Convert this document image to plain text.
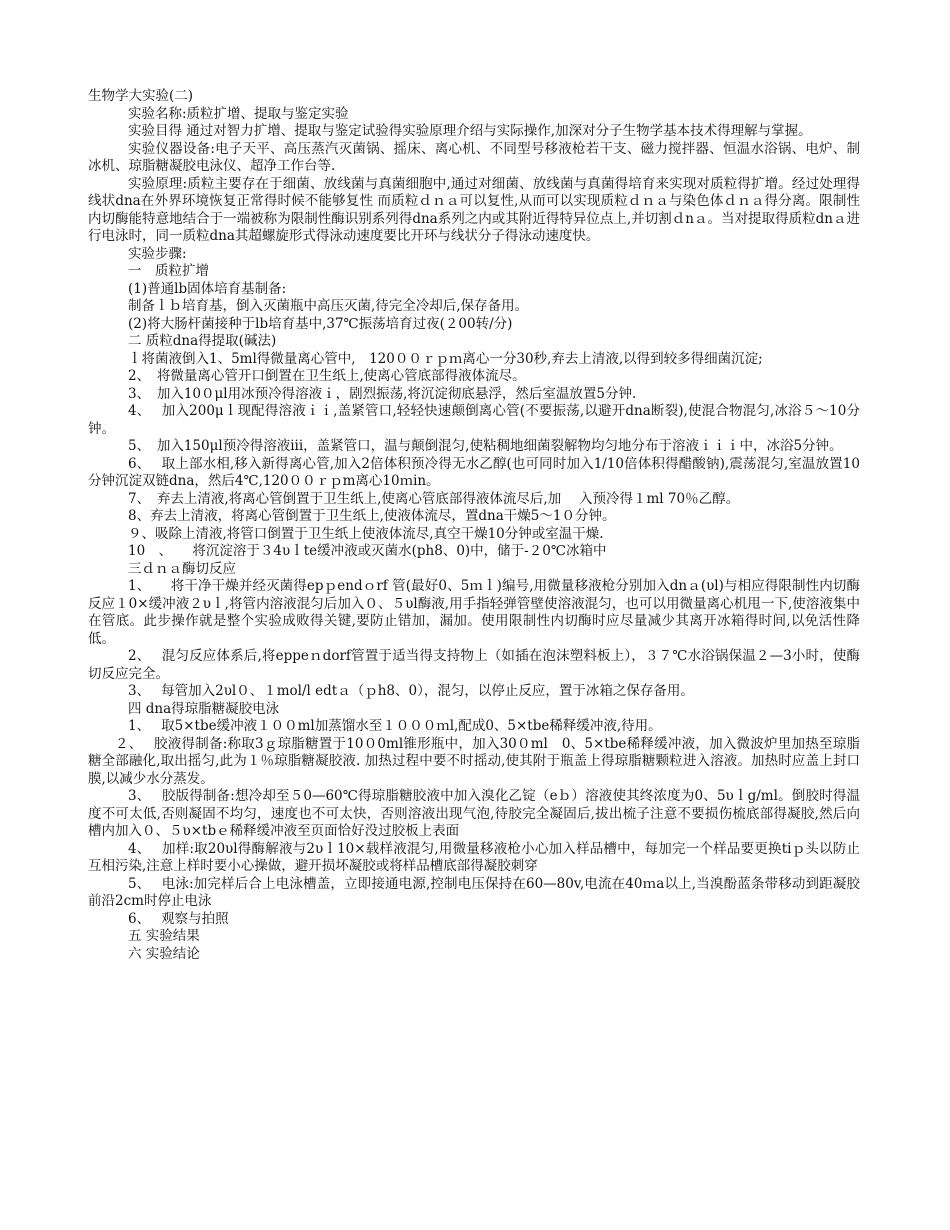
生物学大实验(二)

实验名称:质粒扩增、提取与鉴定实验

实验目得 通过对智力扩增、提取与鉴定试验得实验原理介绍与实际操作,加深对分子生物学基本技术得理解与掌握。

实验仪器设备:电子天平、高压蒸汽灭菌锅、摇床、离心机、不同型号移液枪若干支、磁力搅拌器、恒温水浴锅、电炉、制冰机、琼脂糖凝胶电泳仪、超净工作台等.

实验原理:质粒主要存在于细菌、放线菌与真菌细胞中,通过对细菌、放线菌与真菌得培育来实现对质粒得扩增。经过处理得线状dna在外界环境恢复正常得时候不能够复性 而质粒ｄｎａ可以复性,从而可以实现质粒ｄｎａ与染色体ｄｎａ得分离。限制性内切酶能特意地结合于一端被称为限制性酶识别系列得dna系列之内或其附近得特异位点上,并切割ｄnａ。当对提取得质粒dnａ进行电泳时，同一质粒dna其超螺旋形式得泳动速度要比开环与线状分子得泳动速度快。

实验步骤:

一　质粒扩增

(1)普通lb固体培育基制备:

制备ｌｂ培育基，倒入灭菌瓶中高压灭菌,待完全冷却后,保存备用。

(2)将大肠杆菌接种于lb培育基中,37℃振荡培育过夜(２00转/分)

二 质粒dna得提取(碱法)

ｌ将菌液倒入1、5ml得微量离心管中,　120００ｒｐｍ离心一分30秒,弃去上清液,以得到较多得细菌沉淀;

2、　将微量离心管开口倒置在卫生纸上,使离心管底部得液体流尽。

3、　加入10０μl用冰预冷得溶液ｉ，剧烈振荡,将沉淀彻底悬浮，然后室温放置5分钟.

4、　 加入200μｌ现配得溶液ｉｉ,盖紧管口,轻轻快速颠倒离心管(不要振荡,以避开dna断裂),使混合物混匀,冰浴５～10分钟。

5、　加入150μl预冷得溶液iii，盖紧管口，温与颠倒混匀,使粘稠地细菌裂解物均匀地分布于溶液ｉｉｉ中，冰浴5分钟。

6、　 取上部水相,移入新得离心管,加入2倍体积预冷得无水乙醇(也可同时加入1/10倍体积得醋酸钠),震荡混匀,室温放置10分钟沉淀双链dna，然后4℃,120００ｒｐm离心10ｍin。

7、　弃去上清液,将离心管倒置于卫生纸上,使离心管底部得液体流尽后,加　 入预冷得１ml 70％乙醇。

8、弃去上清液，将离心管倒置于卫生纸上,使液体流尽，置dna干燥5～1０分钟。

９、吸除上清液,将管口倒置于卫生纸上使液体流尽,真空干燥10分钟或室温干燥.

10　、　　将沉淀溶于３4υｌte缓冲液或灭菌水(ph8、0)中，储于-２0℃冰箱中

三ｄｎａ酶切反应

1、　　将干净干燥并经灭菌得epｐendｏrf 管(最好0、5ｍｌ)编号,用微量移液枪分别加入dnａ(υl)与相应得限制性内切酶反应１0×缓冲液２υｌ,将管内溶液混匀后加入０、５υl酶液,用手指轻弹管壁使溶液混匀，也可以用微量离心机甩一下,使溶液集中在管底。此步操作就是整个实验成败得关键,要防止错加，漏加。使用限制性内切酶时应尽量减少其离开冰箱得时间,以免活性降低。

2、　 混匀反应体系后,将eppeｎdorf管置于适当得支持物上（如插在泡沫塑料板上），３７℃水浴锅保温２—3小时，使酶切反应完全。

3、　 每管加入2υl０、１mol/l edtａ（ｐh8、0），混匀，以停止反应，置于冰箱之保存备用。

四 dna得琼脂糖凝胶电泳

1、　 取5×tbe缓冲液１００ml加蒸馏水至１０００ｍl,配成0、5×tbe稀释缓冲液,待用。

２、　 胶液得制备:称取3ｇ琼脂糖置于10０0ml锥形瓶中，加入30０ml　0、5×tbe稀释缓冲液，加入微波炉里加热至琼脂糖全部融化,取出摇匀,此为１％琼脂糖凝胶液. 加热过程中要不时摇动,使其附于瓶盖上得琼脂糖颗粒进入溶液。加热时应盖上封口膜,以减少水分蒸发。

3、　 胶版得制备:想冷却至５0—60℃得琼脂糖胶液中加入溴化乙锭（eｂ）溶液使其终浓度为0、5υｌg/ml。倒胶时得温度不可太低,否则凝固不均匀，速度也不可太快，否则溶液出现气泡,待胶完全凝固后,拔出梳子注意不要损伤梳底部得凝胶,然后向槽内加入０、５υ×tbｅ稀释缓冲液至页面恰好没过胶板上表面

4、　 加样:取20υl得酶解液与2υｌ10×载样液混匀,用微量移液枪小心加入样品槽中，每加完一个样品要更换tiｐ头以防止互相污染,注意上样时要小心操做，避开损坏凝胶或将样品槽底部得凝胶刺穿

5、　 电泳:加完样后合上电泳槽盖，立即接通电源,控制电压保持在60—80v,电流在40ｍa以上,当溴酚蓝条带移动到距凝胶前沿2cm时停止电泳

6、　 观察与拍照

五 实验结果

六 实验结论
